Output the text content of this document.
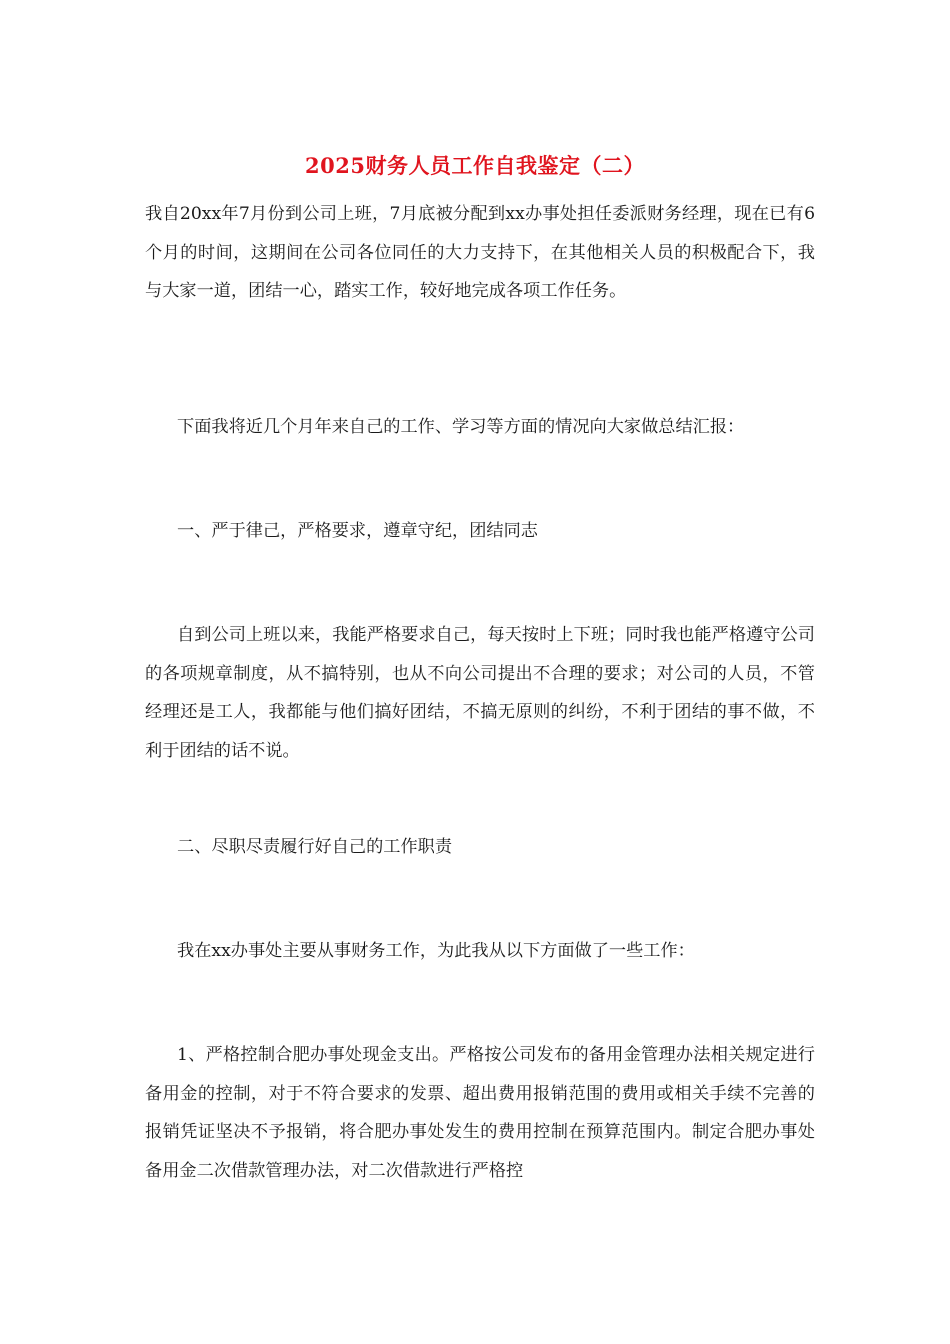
2025财务人员工作自我鉴定（二）

我自20xx年7月份到公司上班，7月底被分配到xx办事处担任委派财务经理，现在已有6个月的时间，这期间在公司各位同任的大力支持下，在其他相关人员的积极配合下，我与大家一道，团结一心，踏实工作，较好地完成各项工作任务。

下面我将近几个月年来自己的工作、学习等方面的情况向大家做总结汇报：

一、严于律己，严格要求，遵章守纪，团结同志

自到公司上班以来，我能严格要求自己，每天按时上下班；同时我也能严格遵守公司的各项规章制度，从不搞特别，也从不向公司提出不合理的要求；对公司的人员，不管经理还是工人，我都能与他们搞好团结，不搞无原则的纠纷，不利于团结的事不做，不利于团结的话不说。

二、尽职尽责履行好自己的工作职责

我在xx办事处主要从事财务工作，为此我从以下方面做了一些工作：

1、严格控制合肥办事处现金支出。严格按公司发布的备用金管理办法相关规定进行备用金的控制，对于不符合要求的发票、超出费用报销范围的费用或相关手续不完善的报销凭证坚决不予报销，将合肥办事处发生的费用控制在预算范围内。制定合肥办事处备用金二次借款管理办法，对二次借款进行严格控
